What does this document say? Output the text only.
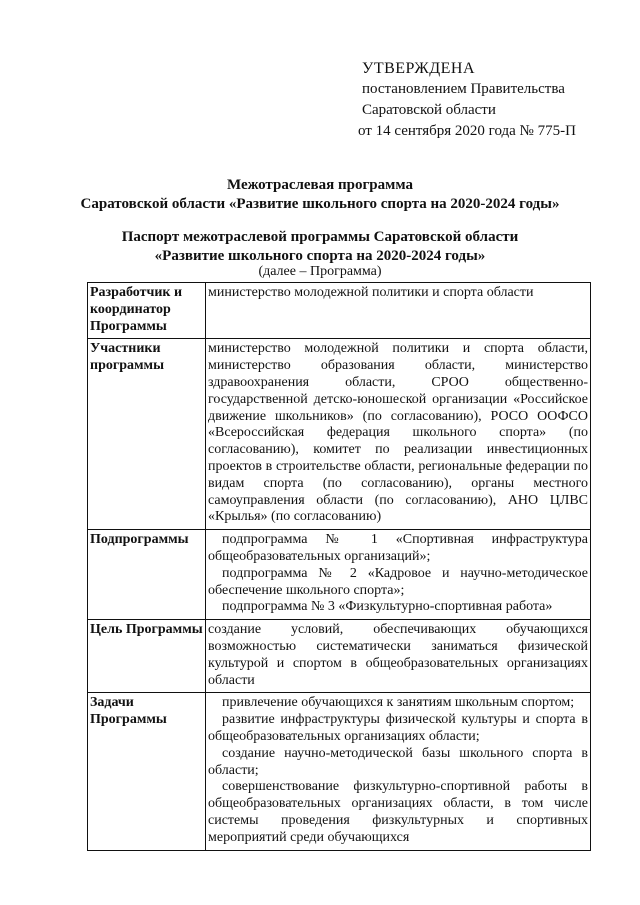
УТВЕРЖДЕНА
постановлением Правительства
Саратовской области
от 14 сентября 2020 года № 775-П
Межотраслевая программа
Саратовской области «Развитие школьного спорта на 2020-2024 годы»
Паспорт межотраслевой программы Саратовской области
«Развитие школьного спорта на 2020-2024 годы»
(далее – Программа)
Разработчик и координатор Программы	министерство молодежной политики и спорта области

Участники программы	министерство молодежной политики и спорта области, министерство образования области, министерство здравоохранения области, СРОО общественно-государственной детско-юношеской организации «Российское движение школьников» (по согласованию), РОСО ООФСО «Всероссийская федерация школьного спорта» (по согласованию), комитет по реализации инвестиционных проектов в строительстве области, региональные федерации по видам спорта (по согласованию), органы местного самоуправления области (по согласованию), АНО ЦЛВС «Крылья» (по согласованию)

Подпрограммы	подпрограмма № 1 «Спортивная инфраструктура общеобразовательных организаций»;

подпрограмма № 2 «Кадровое и научно-методическое обеспечение школьного спорта»;

подпрограмма № 3 «Физкультурно-спортивная работа»

Цель Программы	создание условий, обеспечивающих обучающихся возможностью систематически заниматься физической культурой и спортом в общеобразовательных организациях области

Задачи Программы	привлечение обучающихся к занятиям школьным спортом;

развитие инфраструктуры физической культуры и спорта в общеобразовательных организациях области;

создание научно-методической базы школьного спорта в области;

совершенствование физкультурно-спортивной работы в общеобразовательных организациях области, в том числе системы проведения физкультурных и спортивных мероприятий среди обучающихся
